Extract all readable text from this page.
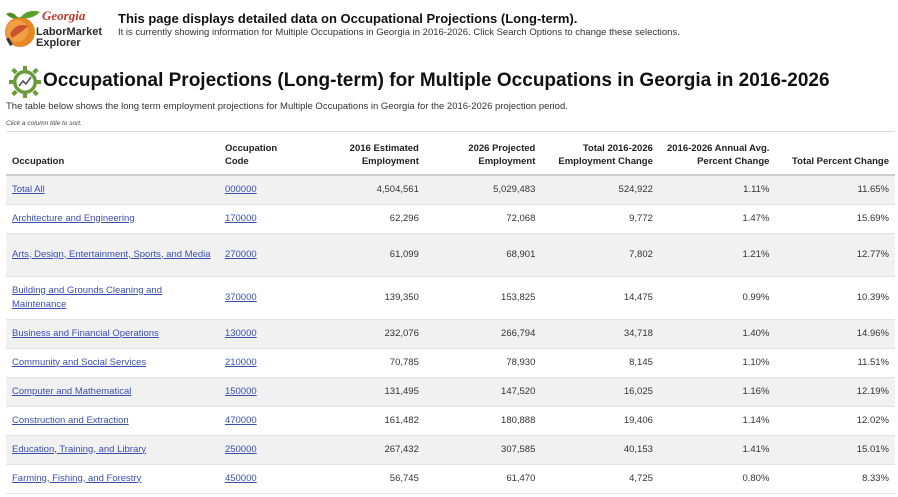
Georgia
LaborMarket
Explorer
This page displays detailed data on Occupational Projections (Long-term).
It is currently showing information for Multiple Occupations in Georgia in 2016-2026. Click Search Options to change these selections.
Occupational Projections (Long-term) for Multiple Occupations in Georgia in 2016-2026
The table below shows the long term employment projections for Multiple Occupations in Georgia for the 2016-2026 projection period.
Click a column title to sort.
Occupation	Occupation Code	2016 Estimated Employment	2026 Projected Employment	Total 2016-2026 Employment Change	2016-2026 Annual Avg. Percent Change	Total Percent Change
Total All	000000	4,504,561	5,029,483	524,922	1.11%	11.65%
Architecture and Engineering	170000	62,296	72,068	9,772	1.47%	15.69%
Arts, Design, Entertainment, Sports, and Media	270000	61,099	68,901	7,802	1.21%	12.77%
Building and Grounds Cleaning and Maintenance	370000	139,350	153,825	14,475	0.99%	10.39%
Business and Financial Operations	130000	232,076	266,794	34,718	1.40%	14.96%
Community and Social Services	210000	70,785	78,930	8,145	1.10%	11.51%
Computer and Mathematical	150000	131,495	147,520	16,025	1.16%	12.19%
Construction and Extraction	470000	161,482	180,888	19,406	1.14%	12.02%
Education, Training, and Library	250000	267,432	307,585	40,153	1.41%	15.01%
Farming, Fishing, and Forestry	450000	56,745	61,470	4,725	0.80%	8.33%
